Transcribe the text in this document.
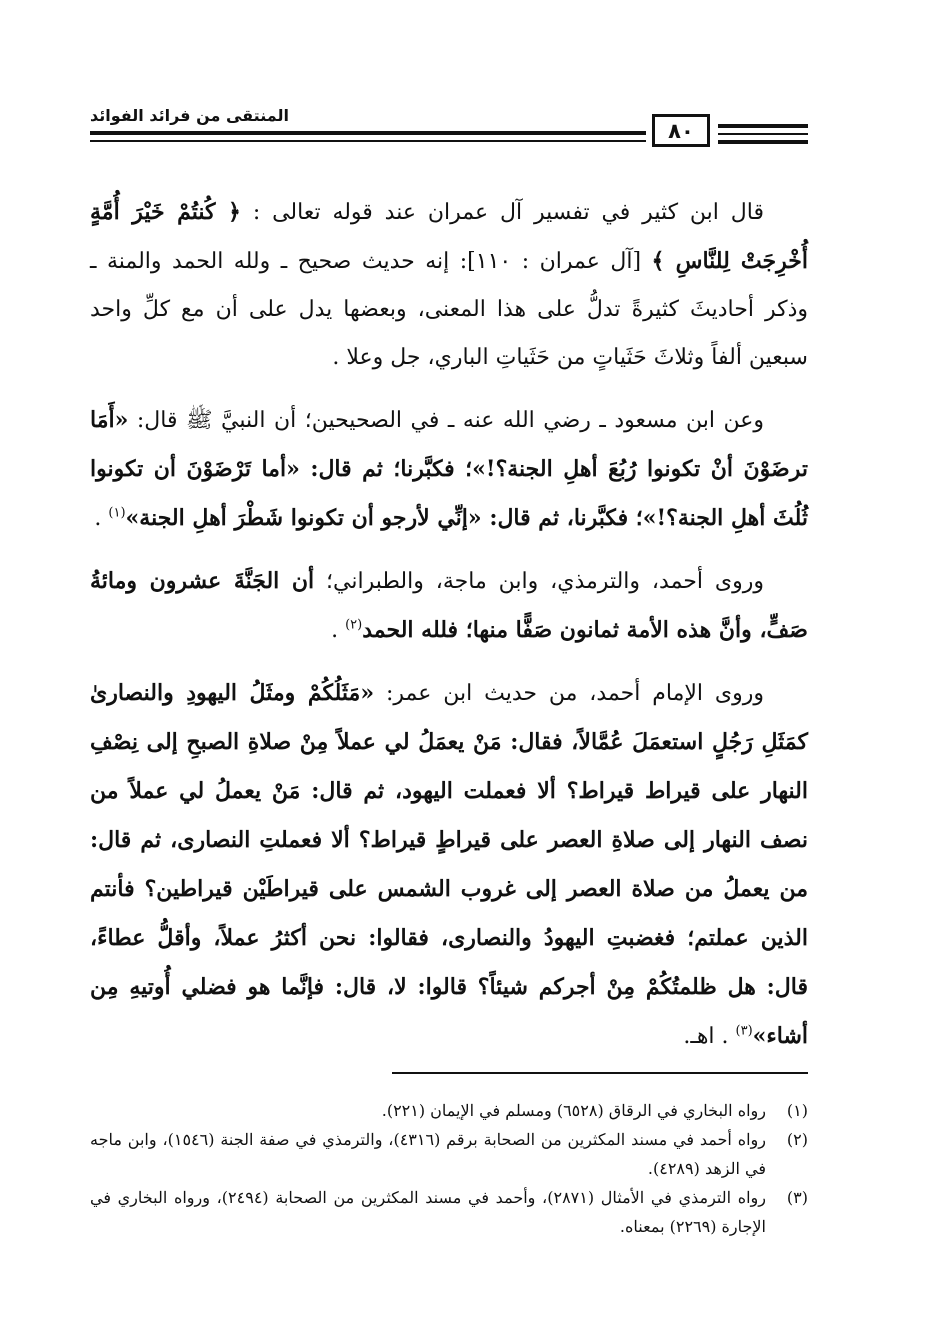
المنتقى من فرائد الفوائد
٨٠

قال ابن كثير في تفسير آل عمران عند قوله تعالى : ﴿ كُنتُمْ خَيْرَ أُمَّةٍ أُخْرِجَتْ لِلنَّاسِ ﴾ [آل عمران : ١١٠]: إنه حديث صحيح ـ ولله الحمد والمنة ـ وذكر أحاديثَ كثيرةً تدلُّ على هذا المعنى، وبعضها يدل على أن مع كلِّ واحد سبعين ألفاً وثلاثَ حَثَياتٍ من حَثَياتِ الباري، جل وعلا .

وعن ابن مسعود ـ رضي الله عنه ـ في الصحيحين؛ أن النبيَّ ﷺ قال: «أَمَا ترضَوْنَ أنْ تكونوا رُبُعَ أهلِ الجنة؟!»؛ فكبَّرنا؛ ثم قال: «أما تَرْضَوْنَ أن تكونوا ثُلُثَ أهلِ الجنة؟!»؛ فكبَّرنا، ثم قال: «إنِّي لأرجو أن تكونوا شَطْرَ أهلِ الجنة»$^{(١)}$ .

وروى أحمد، والترمذي، وابن ماجة، والطبراني؛ أن الجَنَّةَ عشرون ومائةُ صَفٍّ، وأنَّ هذه الأمة ثمانون صَفًّا منها؛ فلله الحمد$^{(٢)}$ .

وروى الإمام أحمد، من حديث ابن عمر: «مَثَلُكُمْ ومثَلُ اليهودِ والنصارىٰ كمَثَلِ رَجُلٍ استعمَلَ عُمَّالاً، فقال: مَنْ يعمَلُ لي عملاً مِنْ صلاةِ الصبحِ إلى نِصْفِ النهار على قيراط قيراط؟ ألا فعملت اليهود، ثم قال: مَنْ يعملُ لي عملاً من نصف النهار إلى صلاةِ العصر على قيراطٍ قيراط؟ ألا فعملتِ النصارى، ثم قال: من يعملُ من صلاة العصر إلى غروب الشمس على قيراطَيْن قيراطين؟ فأنتم الذين عملتم؛ فغضبتِ اليهودُ والنصارى، فقالوا: نحن أكثرُ عملاً، وأقلُّ عطاءً، قال: هل ظلمتُكُمْ مِنْ أجركم شيئاً؟ قالوا: لا، قال: فإنَّما هو فضلي أُوتيهِ مِن أشاء»$^{(٣)}$ . اهـ.

(١)
رواه البخاري في الرقاق (٦٥٢٨) ومسلم في الإيمان (٢٢١).
(٢)
رواه أحمد في مسند المكثرين من الصحابة برقم (٤٣١٦)، والترمذي في صفة الجنة (١٥٤٦)، وابن ماجه في الزهد (٤٢٨٩).
(٣)
رواه الترمذي في الأمثال (٢٨٧١)، وأحمد في مسند المكثرين من الصحابة (٢٤٩٤)، ورواه البخاري في الإجارة (٢٢٦٩) بمعناه.
